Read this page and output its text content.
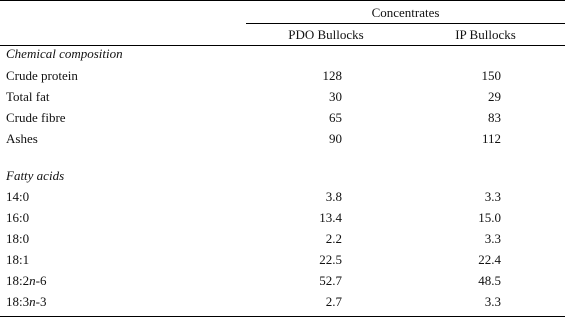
Concentrates
PDO Bullocks	IP Bullocks
Chemical composition
Crude protein	128	150
Total fat	30	29
Crude fibre	65	83
Ashes	90	112
Fatty acids
14:0	3.8	3.3
16:0	13.4	15.0
18:0	2.2	3.3
18:1	22.5	22.4
18:2n-6	52.7	48.5
18:3n-3	2.7	3.3
